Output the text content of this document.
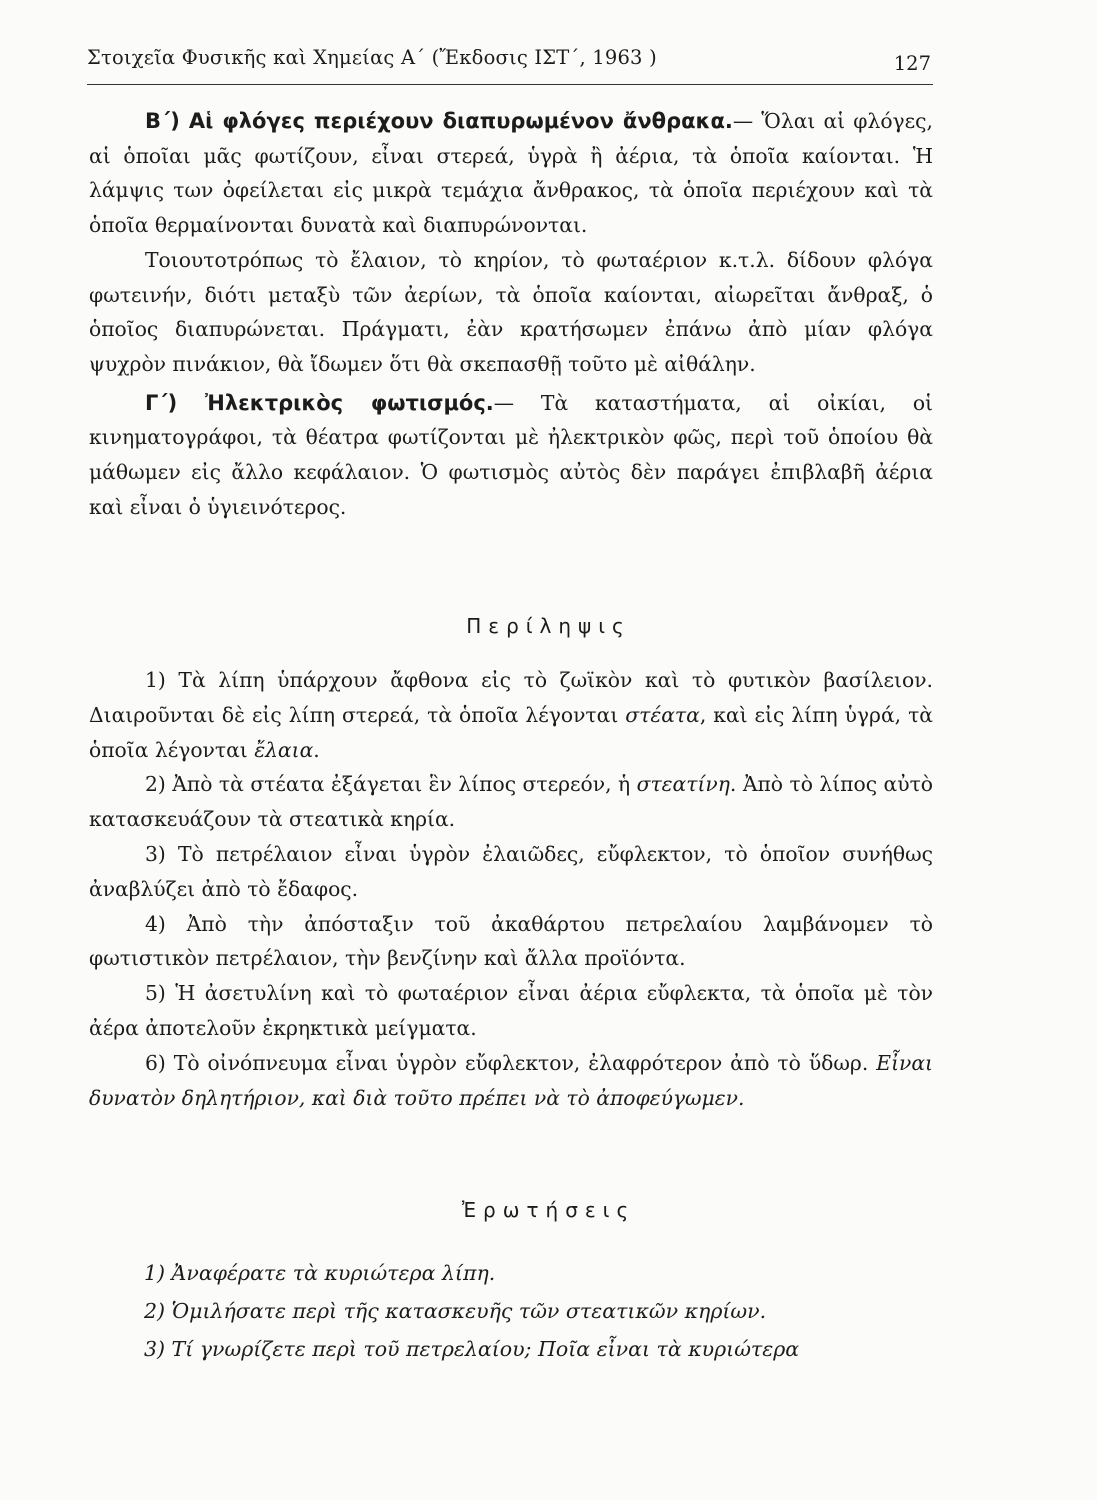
Στοιχεῖα Φυσικῆς καὶ Χημείας Α΄ (Ἔκδοσις ΙΣΤ΄, 1963 )	127

Β΄) Αἱ φλόγες περιέχουν διαπυρωμένον ἄνθρακα.— Ὅλαι αἱ φλόγες, αἱ ὁποῖαι μᾶς φωτίζουν, εἶναι στερεά, ὑγρὰ ἢ ἀέρια, τὰ ὁποῖα καίονται. Ἡ λάμψις των ὀφείλεται εἰς μικρὰ τεμάχια ἄνθρακος, τὰ ὁποῖα περιέχουν καὶ τὰ ὁποῖα θερμαίνονται δυνατὰ καὶ διαπυρώνονται.

Τοιουτοτρόπως τὸ ἔλαιον, τὸ κηρίον, τὸ φωταέριον κ.τ.λ. δίδουν φλόγα φωτεινήν, διότι μεταξὺ τῶν ἀερίων, τὰ ὁποῖα καίονται, αἰωρεῖται ἄνθραξ, ὁ ὁποῖος διαπυρώνεται. Πράγματι, ἐὰν κρατήσωμεν ἐπάνω ἀπὸ μίαν φλόγα ψυχρὸν πινάκιον, θὰ ἴδωμεν ὅτι θὰ σκεπασθῇ τοῦτο μὲ αἰθάλην.

Γ΄) Ἠλεκτρικὸς φωτισμός.— Τὰ καταστήματα, αἱ οἰκίαι, οἱ κινηματογράφοι, τὰ θέατρα φωτίζονται μὲ ἠλεκτρικὸν φῶς, περὶ τοῦ ὁποίου θὰ μάθωμεν εἰς ἄλλο κεφάλαιον. Ὁ φωτισμὸς αὐτὸς δὲν παράγει ἐπιβλαβῆ ἀέρια καὶ εἶναι ὁ ὑγιεινότερος.

Περίληψις

1) Τὰ λίπη ὑπάρχουν ἄφθονα εἰς τὸ ζωϊκὸν καὶ τὸ φυτικὸν βασίλειον. Διαιροῦνται δὲ εἰς λίπη στερεά, τὰ ὁποῖα λέγονται στέατα, καὶ εἰς λίπη ὑγρά, τὰ ὁποῖα λέγονται ἔλαια.

2) Ἀπὸ τὰ στέατα ἐξάγεται ἓν λίπος στερεόν, ἡ στεατίνη. Ἀπὸ τὸ λίπος αὐτὸ κατασκευάζουν τὰ στεατικὰ κηρία.

3) Τὸ πετρέλαιον εἶναι ὑγρὸν ἐλαιῶδες, εὔφλεκτον, τὸ ὁποῖον συνήθως ἀναβλύζει ἀπὸ τὸ ἔδαφος.

4) Ἀπὸ τὴν ἀπόσταξιν τοῦ ἀκαθάρτου πετρελαίου λαμβάνομεν τὸ φωτιστικὸν πετρέλαιον, τὴν βενζίνην καὶ ἄλλα προϊόντα.

5) Ἡ ἀσετυλίνη καὶ τὸ φωταέριον εἶναι ἀέρια εὔφλεκτα, τὰ ὁποῖα μὲ τὸν ἀέρα ἀποτελοῦν ἐκρηκτικὰ μείγματα.

6) Τὸ οἰνόπνευμα εἶναι ὑγρὸν εὔφλεκτον, ἐλαφρότερον ἀπὸ τὸ ὕδωρ. Εἶναι δυνατὸν δηλητήριον, καὶ διὰ τοῦτο πρέπει νὰ τὸ ἀποφεύγωμεν.

Ἐρωτήσεις

1) Ἀναφέρατε τὰ κυριώτερα λίπη.

2) Ὁμιλήσατε περὶ τῆς κατασκευῆς τῶν στεατικῶν κηρίων.

3) Τί γνωρίζετε περὶ τοῦ πετρελαίου; Ποῖα εἶναι τὰ κυριώτερα
